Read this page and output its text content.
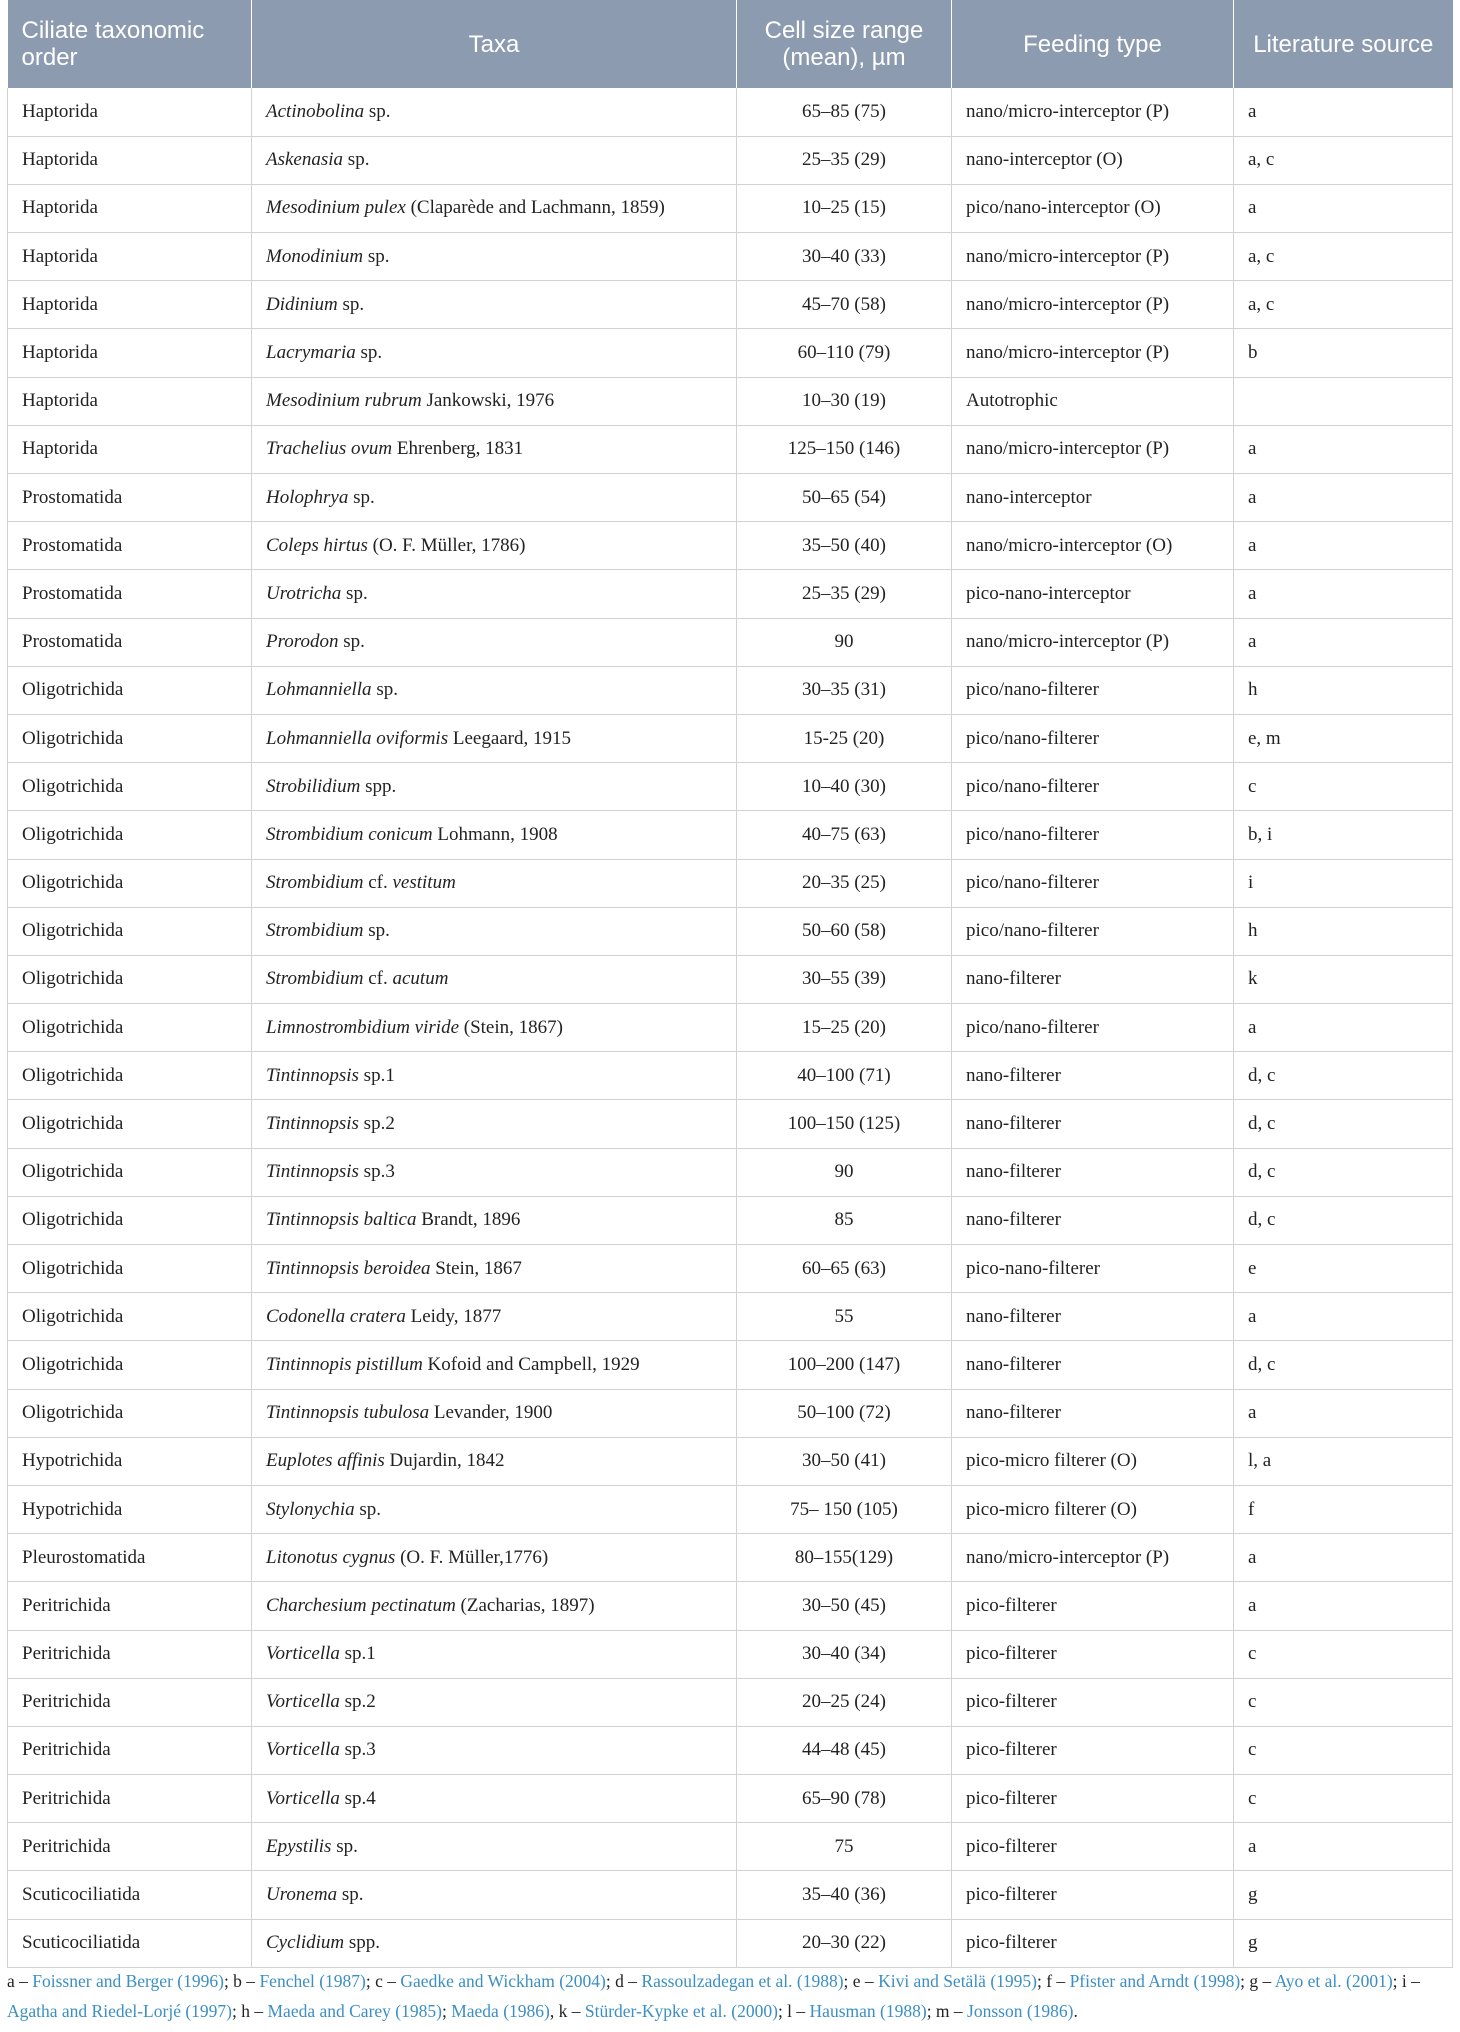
Ciliate taxonomic order	Taxa	Cell size range (mean), µm	Feeding type	Literature source
Haptorida	Actinobolina sp.	65–85 (75)	nano/micro-interceptor (P)	a
Haptorida	Askenasia sp.	25–35 (29)	nano-interceptor (O)	a, c
Haptorida	Mesodinium pulex (Claparède and Lachmann, 1859)	10–25 (15)	pico/nano-interceptor (O)	a
Haptorida	Monodinium sp.	30–40 (33)	nano/micro-interceptor (P)	a, c
Haptorida	Didinium sp.	45–70 (58)	nano/micro-interceptor (P)	a, c
Haptorida	Lacrymaria sp.	60–110 (79)	nano/micro-interceptor (P)	b
Haptorida	Mesodinium rubrum Jankowski, 1976	10–30 (19)	Autotrophic	
Haptorida	Trachelius ovum Ehrenberg, 1831	125–150 (146)	nano/micro-interceptor (P)	a
Prostomatida	Holophrya sp.	50–65 (54)	nano-interceptor	a
Prostomatida	Coleps hirtus (O. F. Müller, 1786)	35–50 (40)	nano/micro-interceptor (O)	a
Prostomatida	Urotricha sp.	25–35 (29)	pico-nano-interceptor	a
Prostomatida	Prorodon sp.	90	nano/micro-interceptor (P)	a
Oligotrichida	Lohmanniella sp.	30–35 (31)	pico/nano-filterer	h
Oligotrichida	Lohmanniella oviformis Leegaard, 1915	15-25 (20)	pico/nano-filterer	e, m
Oligotrichida	Strobilidium spp.	10–40 (30)	pico/nano-filterer	c
Oligotrichida	Strombidium conicum Lohmann, 1908	40–75 (63)	pico/nano-filterer	b, i
Oligotrichida	Strombidium cf. vestitum	20–35 (25)	pico/nano-filterer	i
Oligotrichida	Strombidium sp.	50–60 (58)	pico/nano-filterer	h
Oligotrichida	Strombidium cf. acutum	30–55 (39)	nano-filterer	k
Oligotrichida	Limnostrombidium viride (Stein, 1867)	15–25 (20)	pico/nano-filterer	a
Oligotrichida	Tintinnopsis sp.1	40–100 (71)	nano-filterer	d, c
Oligotrichida	Tintinnopsis sp.2	100–150 (125)	nano-filterer	d, c
Oligotrichida	Tintinnopsis sp.3	90	nano-filterer	d, c
Oligotrichida	Tintinnopsis baltica Brandt, 1896	85	nano-filterer	d, c
Oligotrichida	Tintinnopsis beroidea Stein, 1867	60–65 (63)	pico-nano-filterer	e
Oligotrichida	Codonella cratera Leidy, 1877	55	nano-filterer	a
Oligotrichida	Tintinnopis pistillum Kofoid and Campbell, 1929	100–200 (147)	nano-filterer	d, c
Oligotrichida	Tintinnopsis tubulosa Levander, 1900	50–100 (72)	nano-filterer	a
Hypotrichida	Euplotes affinis Dujardin, 1842	30–50 (41)	pico-micro filterer (O)	l, a
Hypotrichida	Stylonychia sp.	75– 150 (105)	pico-micro filterer (O)	f
Pleurostomatida	Litonotus cygnus (O. F. Müller,1776)	80–155(129)	nano/micro-interceptor (P)	a
Peritrichida	Charchesium pectinatum (Zacharias, 1897)	30–50 (45)	pico-filterer	a
Peritrichida	Vorticella sp.1	30–40 (34)	pico-filterer	c
Peritrichida	Vorticella sp.2	20–25 (24)	pico-filterer	c
Peritrichida	Vorticella sp.3	44–48 (45)	pico-filterer	c
Peritrichida	Vorticella sp.4	65–90 (78)	pico-filterer	c
Peritrichida	Epystilis sp.	75	pico-filterer	a
Scuticociliatida	Uronema sp.	35–40 (36)	pico-filterer	g
Scuticociliatida	Cyclidium spp.	20–30 (22)	pico-filterer	g
a – Foissner and Berger (1996); b – Fenchel (1987); c – Gaedke and Wickham (2004); d – Rassoulzadegan et al. (1988); e – Kivi and Setälä (1995); f – Pfister and Arndt (1998); g – Ayo et al. (2001); i – Agatha and Riedel-Lorjé (1997); h – Maeda and Carey (1985); Maeda (1986), k – Stürder-Kypke et al. (2000); l – Hausman (1988); m – Jonsson (1986).
